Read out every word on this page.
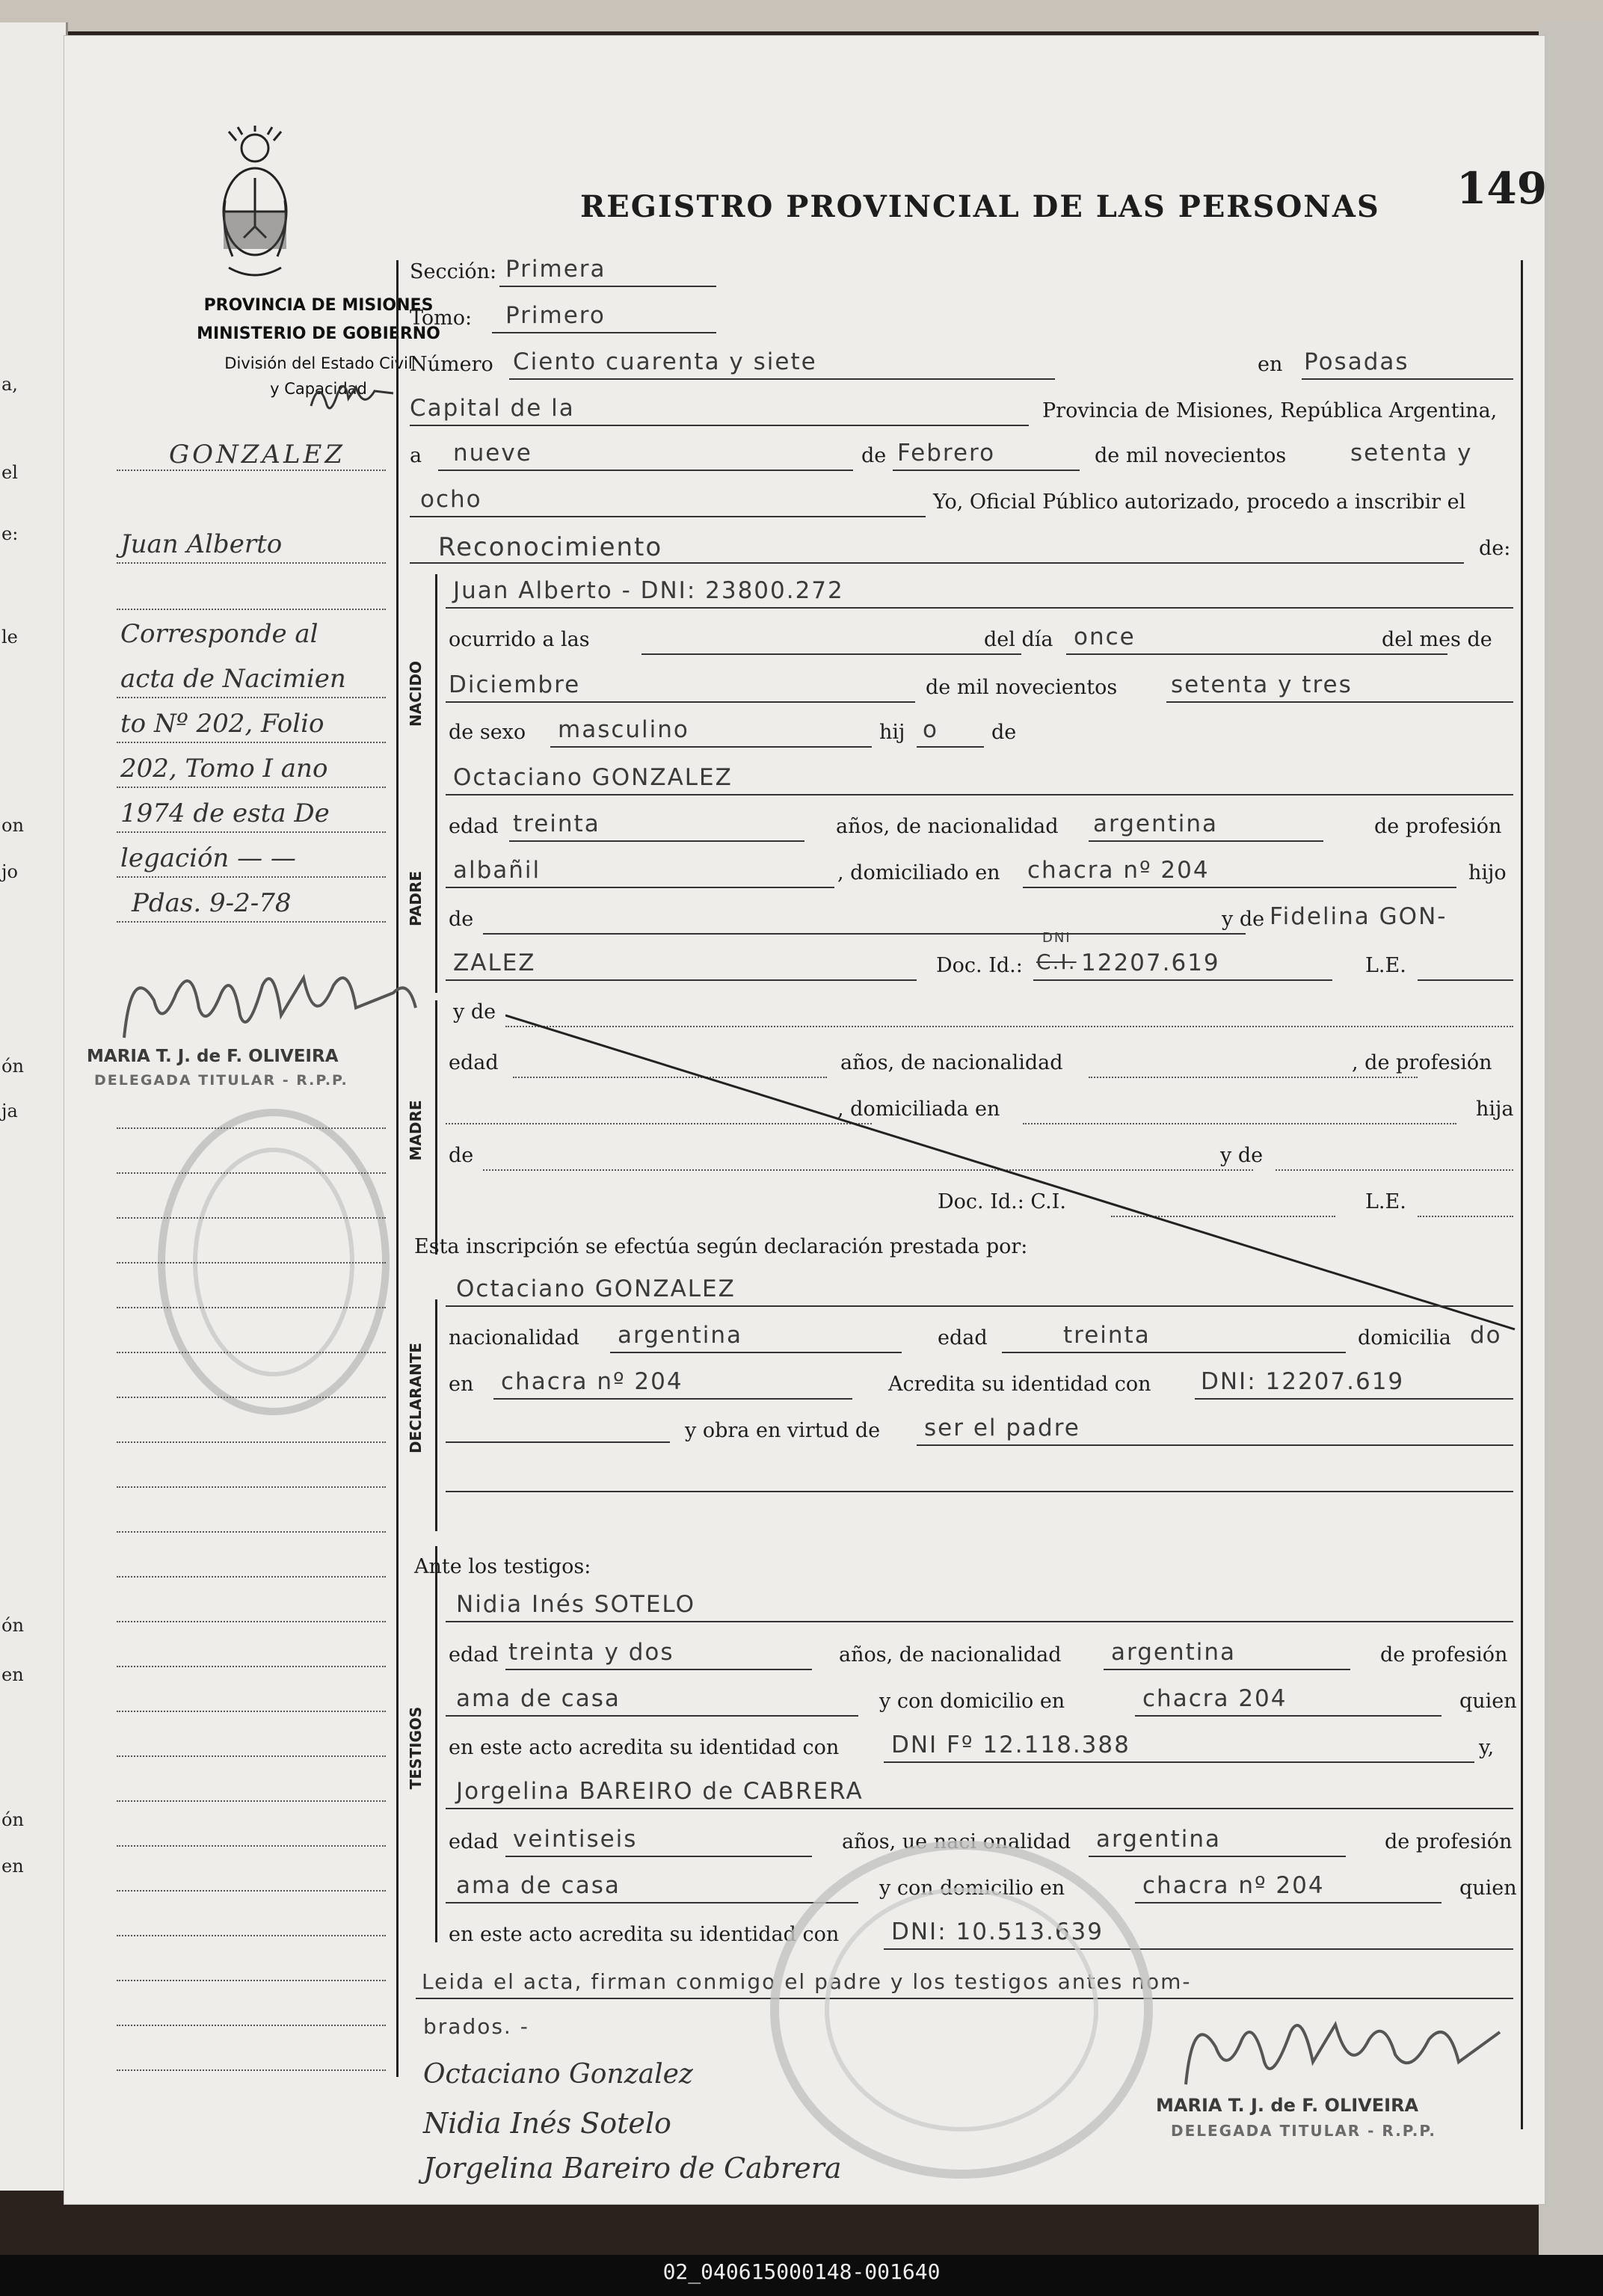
a,
el
e:
le
on
jo
ón
ja
ón
en
ón
en
REGISTRO PROVINCIAL DE LAS PERSONAS 149
PROVINCIA DE MISIONES
MINISTERIO DE GOBIERNO
División del Estado Civil
y Capacidad
GONZALEZ
Juan Alberto
Corresponde al
acta de Nacimien
to Nº 202, Folio
202, Tomo I ano
1974 de esta De
legación — —
Pdas. 9-2-78
MARIA T. J. de F. OLIVEIRA
DELEGADA TITULAR - R.P.P.
Sección: Primera
Tomo: Primero
Número Ciento cuarenta y siete	en Posadas
Capital de la	Provincia de Misiones, República Argentina,
a nueve	de Febrero	de mil novecientos	setenta y
ocho	Yo, Oficial Público autorizado, procedo a inscribir el
Reconocimiento	de:
NACIDO
PADRE
MADRE
DECLARANTE
TESTIGOS
Juan Alberto - DNI: 23800.272
ocurrido a las	del día once	del mes de
Diciembre	de mil novecientos setenta y tres
de sexo masculino	hij o	de
Octaciano GONZALEZ
edad treinta	años, de nacionalidad argentina	de profesión
albañil	, domiciliado en chacra nº 204	hijo
de	y de Fidelina GON-
ZALEZ	Doc. Id.: C.I.
DNI
12207.619	L.E.
y de
edad	años, de nacionalidad	, de profesión
, domiciliada en	hija
de	y de
Doc. Id.: C.I.	L.E.
Esta inscripción se efectúa según declaración prestada por:
Octaciano GONZALEZ
nacionalidad argentina	edad	treinta	domicilia do
en chacra nº 204	Acredita su identidad con DNI: 12207.619
y obra en virtud de ser el padre
Ante los testigos:
Nidia Inés SOTELO
edad treinta y dos	años, de nacionalidad argentina	de profesión
ama de casa	y con domicilio en	chacra 204	quien
en este acto acredita su identidad con DNI Fº 12.118.388	y,
Jorgelina BAREIRO de CABRERA
edad veintiseis	años, ue naci onalidad argentina	de profesión
ama de casa	y con domicilio en	chacra nº 204	quien
en este acto acredita su identidad con DNI: 10.513.639
Leida el acta, firman conmigo el padre y los testigos antes nom-
brados. -
Octaciano Gonzalez
Nidia Inés Sotelo
Jorgelina Bareiro de Cabrera
MARIA T. J. de F. OLIVEIRA
DELEGADA TITULAR - R.P.P.
02_040615000148-001640
